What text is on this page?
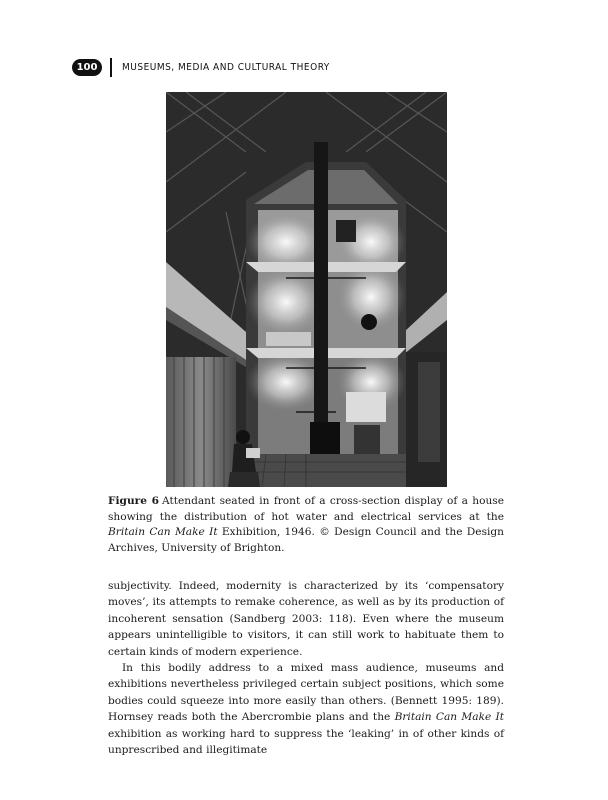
100	MUSEUMS, MEDIA AND CULTURAL THEORY
Figure 6 Attendant seated in front of a cross-section display of a house showing the distribution of hot water and electrical services at the Britain Can Make It Exhibition, 1946. © Design Council and the Design Archives, University of Brighton.

subjectivity. Indeed, modernity is characterized by its ‘compensatory moves’, its attempts to remake coherence, as well as by its production of incoherent sensation (Sandberg 2003: 118). Even where the museum appears unintelligible to visitors, it can still work to habituate them to certain kinds of modern experience.

In this bodily address to a mixed mass audience, museums and exhibitions nevertheless privileged certain subject positions, which some bodies could squeeze into more easily than others. (Bennett 1995: 189). Hornsey reads both the Abercrombie plans and the Britain Can Make It exhibition as working hard to suppress the ‘leaking’ in of other kinds of unprescribed and illegitimate
